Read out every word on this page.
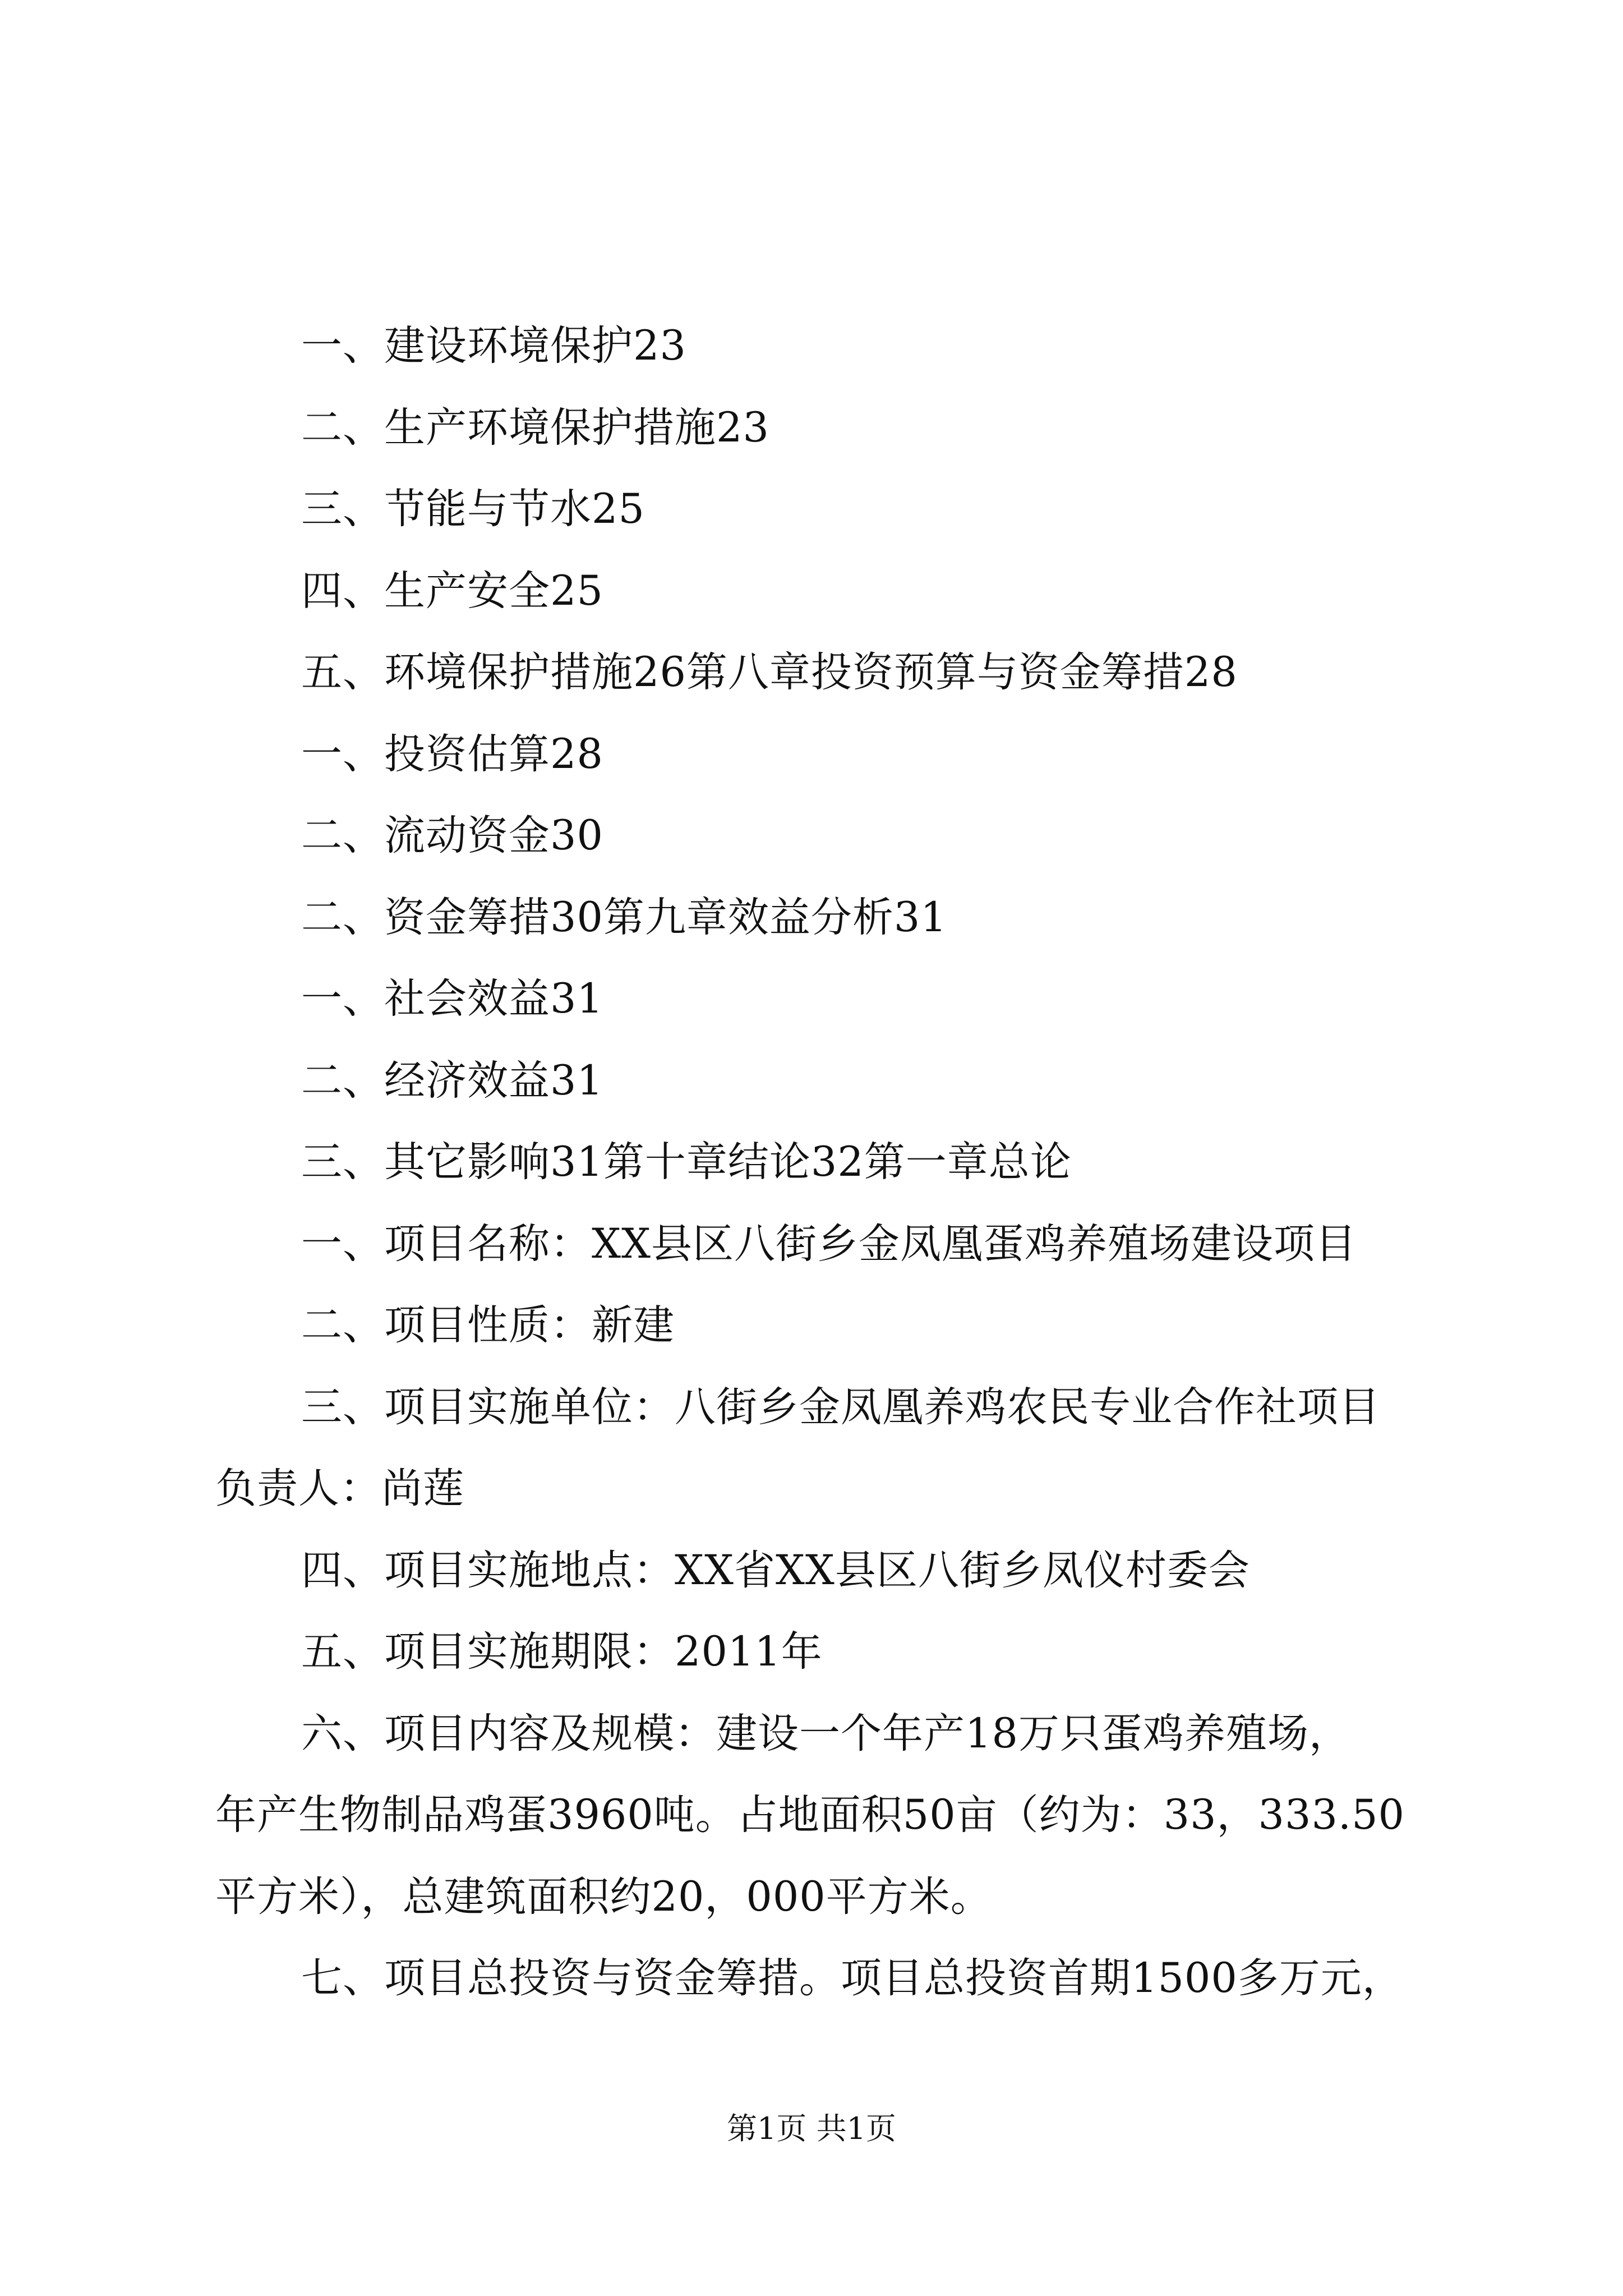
一、建设环境保护23
二、生产环境保护措施23
三、节能与节水25
四、生产安全25
五、环境保护措施26第八章投资预算与资金筹措28
一、投资估算28
二、流动资金30
二、资金筹措30第九章效益分析31
一、社会效益31
二、经济效益31
三、其它影响31第十章结论32第一章总论
一、项目名称：XX县区八街乡金凤凰蛋鸡养殖场建设项目
二、项目性质：新建
三、项目实施单位：八街乡金凤凰养鸡农民专业合作社项目
负责人：尚莲
四、项目实施地点：XX省XX县区八街乡凤仪村委会
五、项目实施期限：2011年
六、项目内容及规模：建设一个年产18万只蛋鸡养殖场，
年产生物制品鸡蛋3960吨。占地面积50亩（约为：33，333.50
平方米），总建筑面积约20，000平方米。
七、项目总投资与资金筹措。项目总投资首期1500多万元，
第1页 共1页
